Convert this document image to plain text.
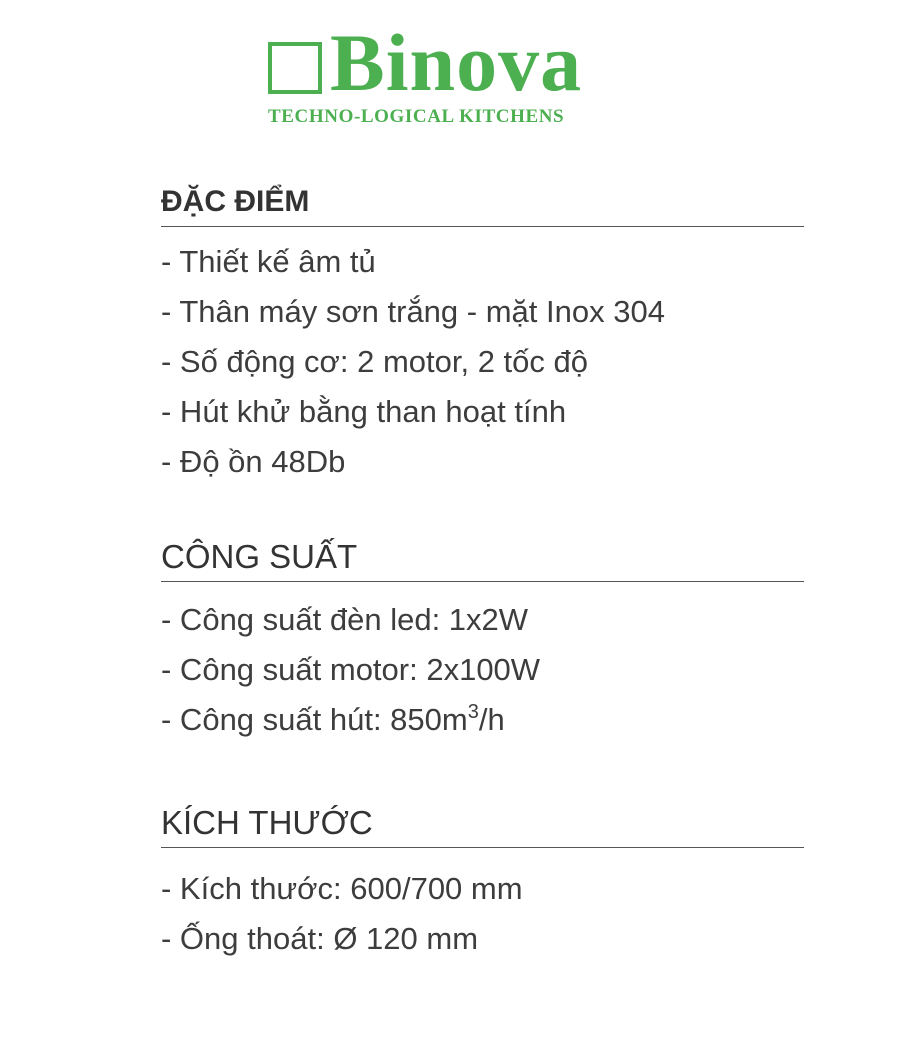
Binova
TECHNO-LOGICAL KITCHENS
ĐẶC ĐIỂM
- Thiết kế âm tủ
- Thân máy sơn trắng - mặt Inox 304
- Số động cơ: 2 motor, 2 tốc độ
- Hút khử bằng than hoạt tính
- Độ ồn 48Db
CÔNG SUẤT
- Công suất đèn led: 1x2W
- Công suất motor: 2x100W
- Công suất hút: $850m^3/h$
KÍCH THƯỚC
- Kích thước: 600/700 mm
- Ống thoát: Ø 120 mm
